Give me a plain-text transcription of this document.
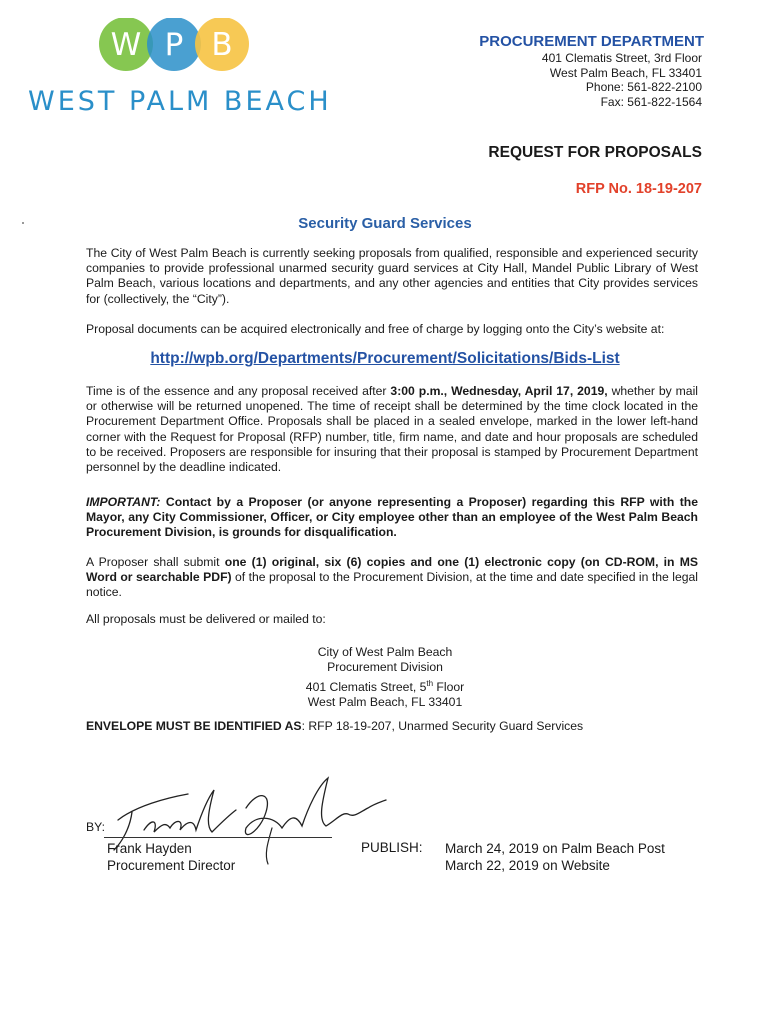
W P B
WEST PALM BEACH
PROCUREMENT DEPARTMENT
401 Clematis Street, 3rd Floor
West Palm Beach, FL 33401
Phone: 561-822-2100
Fax: 561-822-1564
REQUEST FOR PROPOSALS
RFP No. 18-19-207
Security Guard Services
The City of West Palm Beach is currently seeking proposals from qualified, responsible and experienced security companies to provide professional unarmed security guard services at City Hall, Mandel Public Library of West Palm Beach, various locations and departments, and any other agencies and entities that City provides services for (collectively, the “City”).
Proposal documents can be acquired electronically and free of charge by logging onto the City’s website at:
http://wpb.org/Departments/Procurement/Solicitations/Bids-List
Time is of the essence and any proposal received after 3:00 p.m., Wednesday, April 17, 2019, whether by mail or otherwise will be returned unopened. The time of receipt shall be determined by the time clock located in the Procurement Department Office. Proposals shall be placed in a sealed envelope, marked in the lower left-hand corner with the Request for Proposal (RFP) number, title, firm name, and date and hour proposals are scheduled to be received. Proposers are responsible for insuring that their proposal is stamped by Procurement Department personnel by the deadline indicated.
IMPORTANT: Contact by a Proposer (or anyone representing a Proposer) regarding this RFP with the Mayor, any City Commissioner, Officer, or City employee other than an employee of the West Palm Beach Procurement Division, is grounds for disqualification.
A Proposer shall submit one (1) original, six (6) copies and one (1) electronic copy (on CD-ROM, in MS Word or searchable PDF) of the proposal to the Procurement Division, at the time and date specified in the legal notice.
All proposals must be delivered or mailed to:
City of West Palm Beach
Procurement Division
401 Clematis Street, 5th Floor
West Palm Beach, FL 33401
ENVELOPE MUST BE IDENTIFIED AS: RFP 18-19-207, Unarmed Security Guard Services
BY:
Frank Hayden
Procurement Director
PUBLISH: March 24, 2019 on Palm Beach Post
March 22, 2019 on Website
